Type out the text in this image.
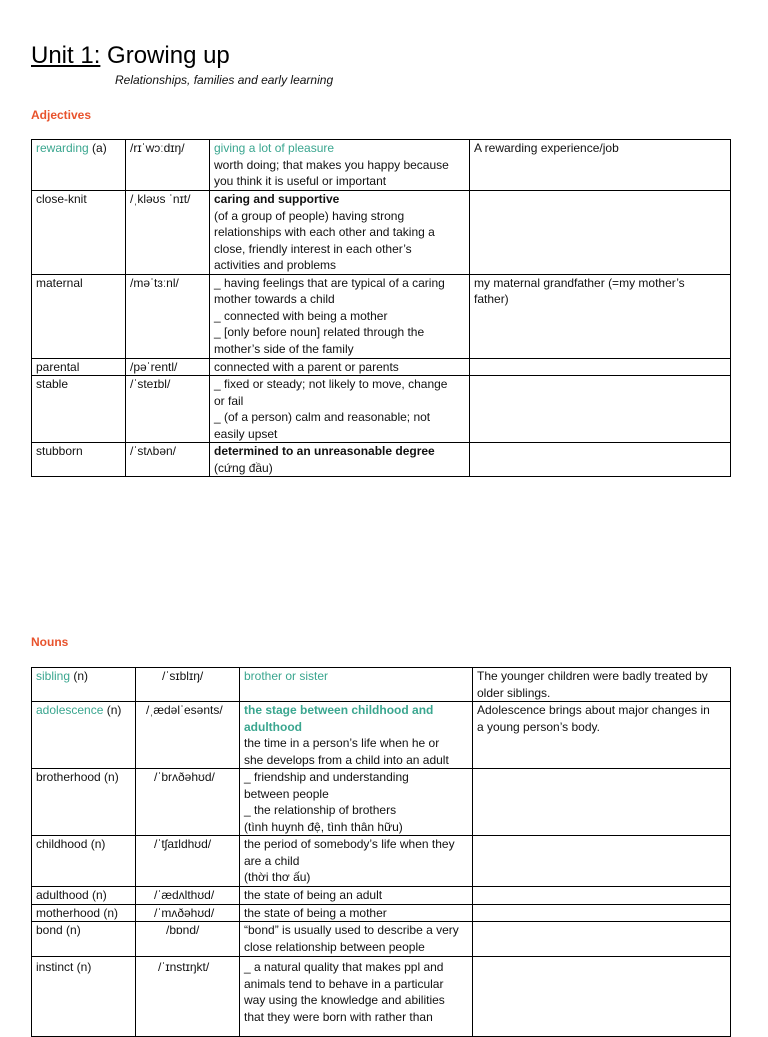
Unit 1: Growing up
Relationships, families and early learning
Adjectives
rewarding (a)	/rɪˈwɔːdɪŋ/	giving a lot of pleasure
worth doing; that makes you happy because
you think it is useful or important	A rewarding experience/job
close-knit	/ˌkləʊs ˈnɪt/	caring and supportive
(of a group of people) having strong
relationships with each other and taking a
close, friendly interest in each other’s
activities and problems	

maternal	/məˈtɜːnl/	_ having feelings that are typical of a caring
mother towards a child
_ connected with being a mother
_ [only before noun] related through the
mother’s side of the family	my maternal grandfather (=my mother’s
father)

parental	/pəˈrentl/	connected with a parent or parents	

stable	/ˈsteɪbl/	_ fixed or steady; not likely to move, change
or fail
_ (of a person) calm and reasonable; not
easily upset	

stubborn	/ˈstʌbən/	determined to an unreasonable degree
(cứng đầu)	

Nouns
sibling (n)	/ˈsɪblɪŋ/	brother or sister	The younger children were badly treated by
older siblings.

adolescence (n)	/ˌædəlˈesənts/	the stage between childhood and
adulthood
the time in a person’s life when he or
she develops from a child into an adult	Adolescence brings about major changes in
a young person’s body.

brotherhood (n)	/ˈbrʌðəhʊd/	_ friendship and understanding
between people
_ the relationship of brothers
(tình huynh đệ, tình thân hữu)	

childhood (n)	/ˈtʃaɪldhʊd/	the period of somebody’s life when they
are a child
(thời thơ ấu)	

adulthood (n)	/ˈædʌlthʊd/	the state of being an adult	

motherhood (n)	/ˈmʌðəhʊd/	the state of being a mother	

bond (n)	/bɒnd/	“bond” is usually used to describe a very
close relationship between people	

instinct (n)	/ˈɪnstɪŋkt/	_ a natural quality that makes ppl and
animals tend to behave in a particular
way using the knowledge and abilities
that they were born with rather than	
